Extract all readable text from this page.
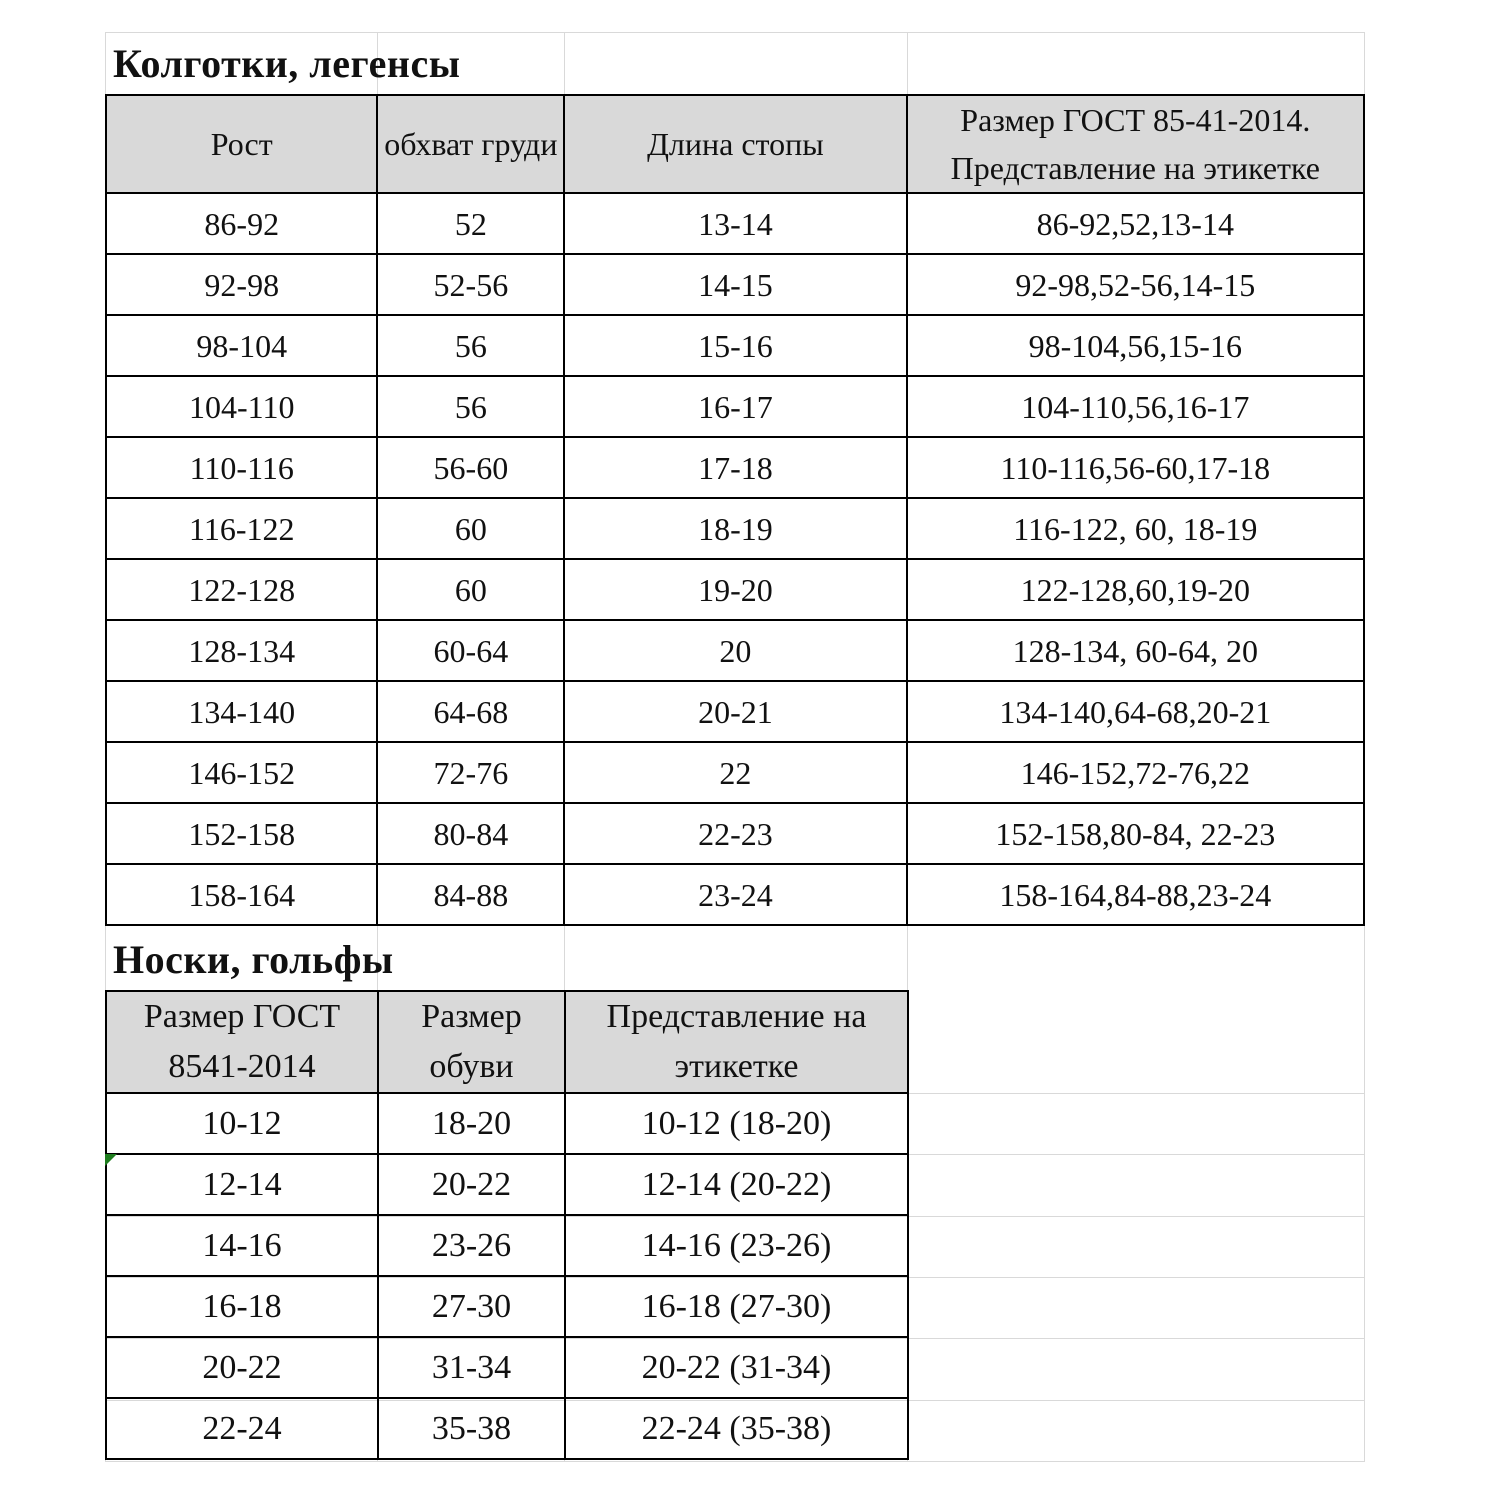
Колготки, легенсы
Рост	обхват груди	Длина стопы	Размер ГОСТ 85-41-2014. Представление на этикетке
86-92	52	13-14	86-92,52,13-14
92-98	52-56	14-15	92-98,52-56,14-15
98-104	56	15-16	98-104,56,15-16
104-110	56	16-17	104-110,56,16-17
110-116	56-60	17-18	110-116,56-60,17-18
116-122	60	18-19	116-122, 60, 18-19
122-128	60	19-20	122-128,60,19-20
128-134	60-64	20	128-134, 60-64, 20
134-140	64-68	20-21	134-140,64-68,20-21
146-152	72-76	22	146-152,72-76,22
152-158	80-84	22-23	152-158,80-84, 22-23
158-164	84-88	23-24	158-164,84-88,23-24
Носки, гольфы
Размер ГОСТ 8541-2014	Размер обуви	Представление на этикетке
10-12	18-20	10-12 (18-20)
12-14	20-22	12-14 (20-22)
14-16	23-26	14-16 (23-26)
16-18	27-30	16-18 (27-30)
20-22	31-34	20-22 (31-34)
22-24	35-38	22-24 (35-38)
